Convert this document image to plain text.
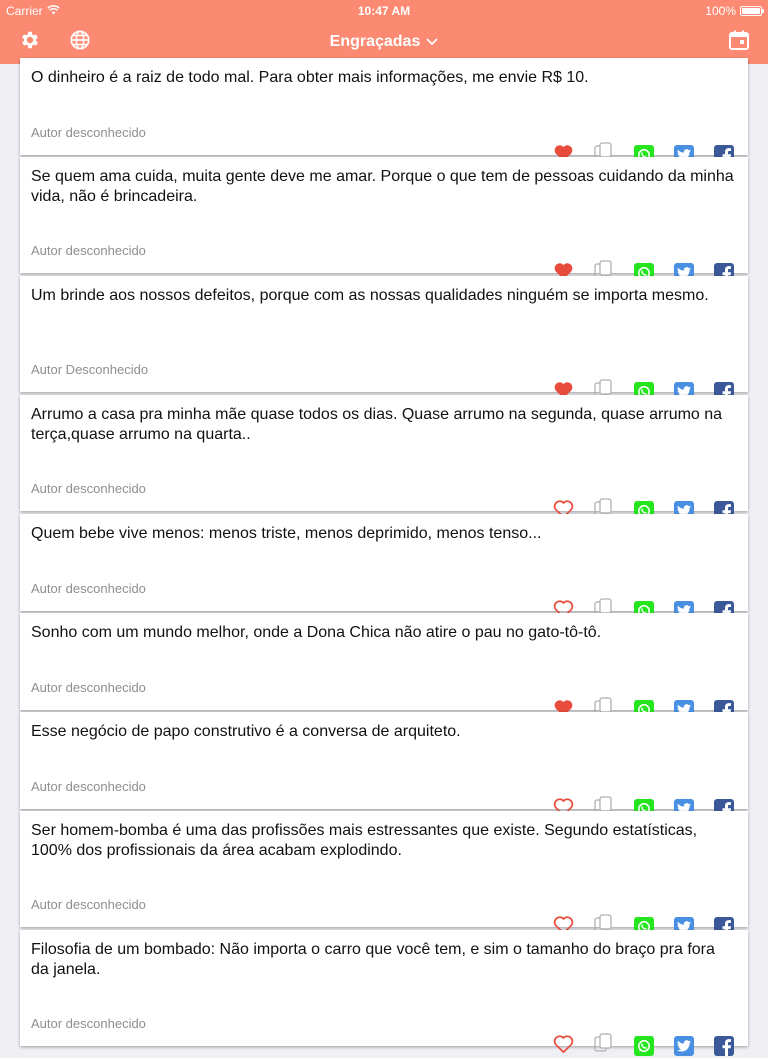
Carrier	10:47 AM	100%
Engraçadas
O dinheiro é a raiz de todo mal. Para obter mais informações, me envie R$ 10.
Autor desconhecido
Se quem ama cuida, muita gente deve me amar. Porque o que tem de pessoas cuidando da minha vida, não é brincadeira.
Autor desconhecido
Um brinde aos nossos defeitos, porque com as nossas qualidades ninguém se importa mesmo.
Autor Desconhecido
Arrumo a casa pra minha mãe quase todos os dias. Quase arrumo na segunda, quase arrumo na terça,quase arrumo na quarta..
Autor desconhecido
Quem bebe vive menos: menos triste, menos deprimido, menos tenso...
Autor desconhecido
Sonho com um mundo melhor, onde a Dona Chica não atire o pau no gato-tô-tô.
Autor desconhecido
Esse negócio de papo construtivo é a conversa de arquiteto.
Autor desconhecido
Ser homem-bomba é uma das profissões mais estressantes que existe. Segundo estatísticas, 100% dos profissionais da área acabam explodindo.
Autor desconhecido
Filosofia de um bombado: Não importa o carro que você tem, e sim o tamanho do braço pra fora da janela.
Autor desconhecido
